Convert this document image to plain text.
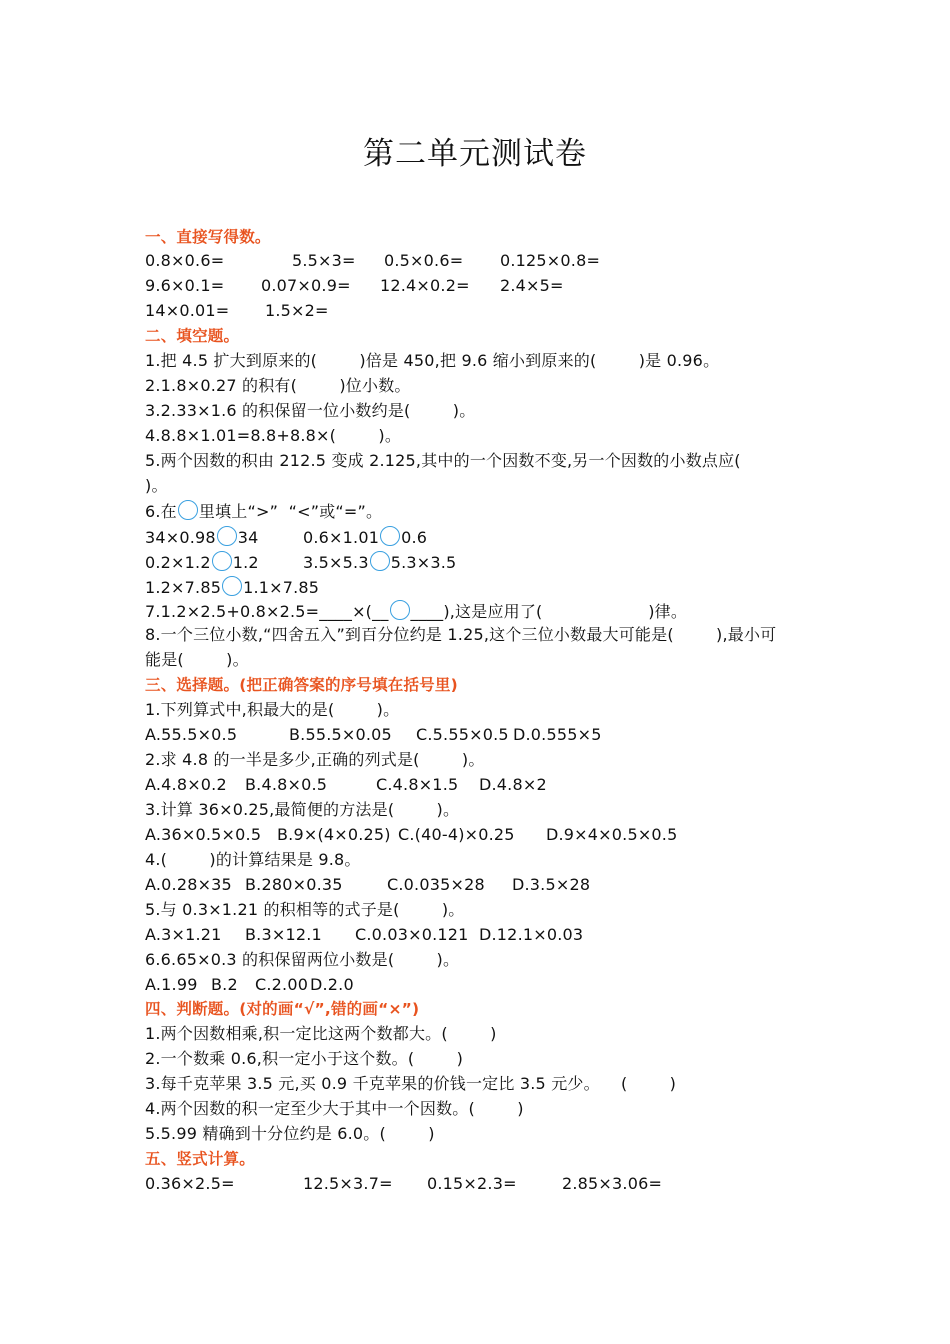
第二单元测试卷
一、直接写得数。
0.8×0.6=	5.5×3= 0.5×0.6= 0.125×0.8=
9.6×0.1= 0.07×0.9= 12.4×0.2= 2.4×5=
14×0.01= 1.5×2=
二、填空题。
1.把 4.5 扩大到原来的(        )倍是 450,把 9.6 缩小到原来的(        )是 0.96。
2.1.8×0.27 的积有(        )位小数。
3.2.33×1.6 的积保留一位小数约是(        )。
4.8.8×1.01=8.8+8.8×(        )。
5.两个因数的积由 212.5 变成 2.125,其中的一个因数不变,另一个因数的小数点应(
)。
6.在 里填上“>”  “<”或“=”。
34×0.98 34	0.6×1.01 0.6
0.2×1.2 1.2	3.5×5.3 5.3×3.5
1.2×7.85 1.1×7.85
7.1.2×2.5+0.8×2.5=____×(__ ____),这是应用了(                    )律。
8.一个三位小数,“四舍五入”到百分位约是 1.25,这个三位小数最大可能是(        ),最小可
能是(        )。
三、选择题。(把正确答案的序号填在括号里)
1.下列算式中,积最大的是(        )。
A.55.5×0.5	B.55.5×0.05 C.5.55×0.5 D.0.555×5
2.求 4.8 的一半是多少,正确的列式是(        )。
A.4.8×0.2 B.4.8×0.5	C.4.8×1.5 D.4.8×2
3.计算 36×0.25,最简便的方法是(        )。
A.36×0.5×0.5 B.9×(4×0.25) C.(40-4)×0.25 D.9×4×0.5×0.5
4.(        )的计算结果是 9.8。
A.0.28×35 B.280×0.35	C.0.035×28 D.3.5×28
5.与 0.3×1.21 的积相等的式子是(        )。
A.3×1.21 B.3×12.1 C.0.03×0.121 D.12.1×0.03
6.6.65×0.3 的积保留两位小数是(        )。
A.1.99 B.2 C.2.00 D.2.0
四、判断题。(对的画“√”,错的画“×”)
1.两个因数相乘,积一定比这两个数都大。(        )
2.一个数乘 0.6,积一定小于这个数。(        )
3.每千克苹果 3.5 元,买 0.9 千克苹果的价钱一定比 3.5 元少。    (        )
4.两个因数的积一定至少大于其中一个因数。(        )
5.5.99 精确到十分位约是 6.0。(        )
五、竖式计算。
0.36×2.5=	12.5×3.7= 0.15×2.3=	2.85×3.06=
